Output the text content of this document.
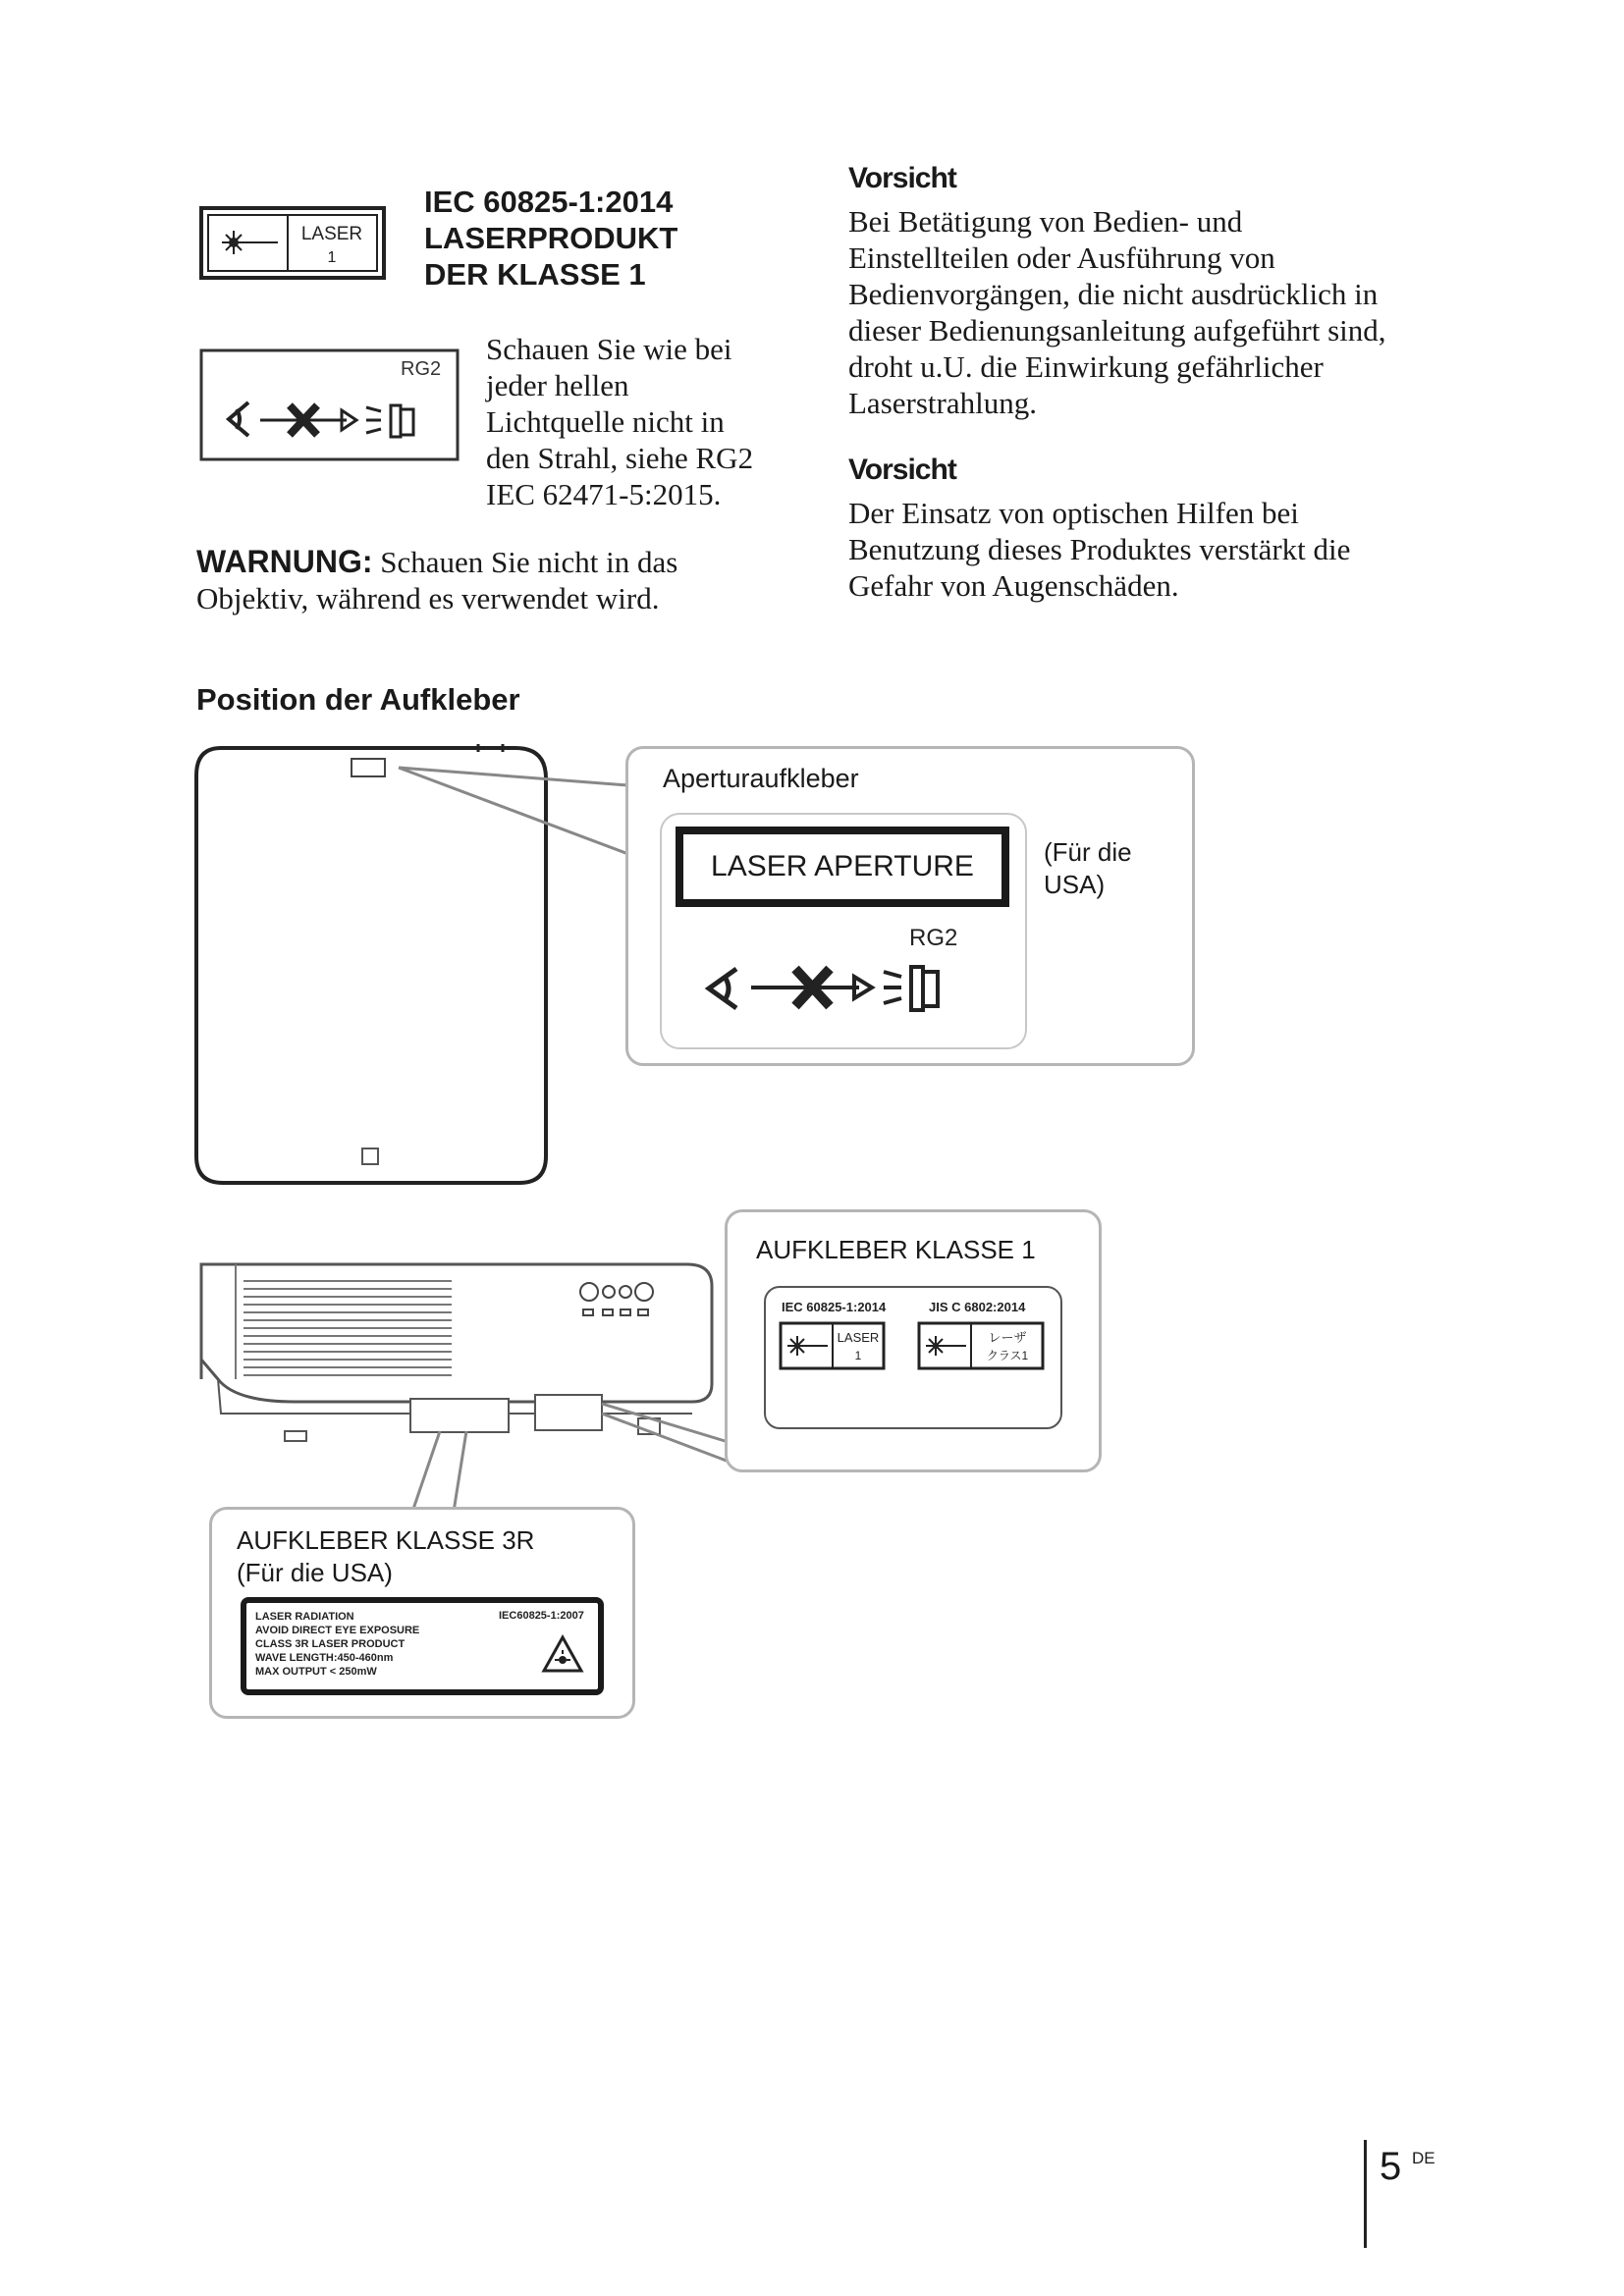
LASER
1
IEC 60825-1:2014
LASERPRODUKT
DER KLASSE 1
RG2
Schauen Sie wie bei
jeder hellen
Lichtquelle nicht in
den Strahl, siehe RG2
IEC 62471-5:2015.
WARNUNG: Schauen Sie nicht in das
Objektiv, während es verwendet wird.
Vorsicht
Bei Betätigung von Bedien- und
Einstellteilen oder Ausführung von
Bedienvorgängen, die nicht ausdrücklich in
dieser Bedienungsanleitung aufgeführt sind,
droht u.U. die Einwirkung gefährlicher
Laserstrahlung.
Vorsicht
Der Einsatz von optischen Hilfen bei
Benutzung dieses Produktes verstärkt die
Gefahr von Augenschäden.
Position der Aufkleber
Aperturaufkleber
LASER APERTURE	(Für die
USA)
RG2
AUFKLEBER KLASSE 1
IEC 60825-1:2014	JIS C 6802:2014
LASER
1
レーザ
クラス1
AUFKLEBER KLASSE 3R
(Für die USA)
LASER RADIATION
AVOID DIRECT EYE EXPOSURE
CLASS 3R LASER PRODUCT
WAVE LENGTH:450-460nm
MAX OUTPUT < 250mW
IEC60825-1:2007
5 DE
